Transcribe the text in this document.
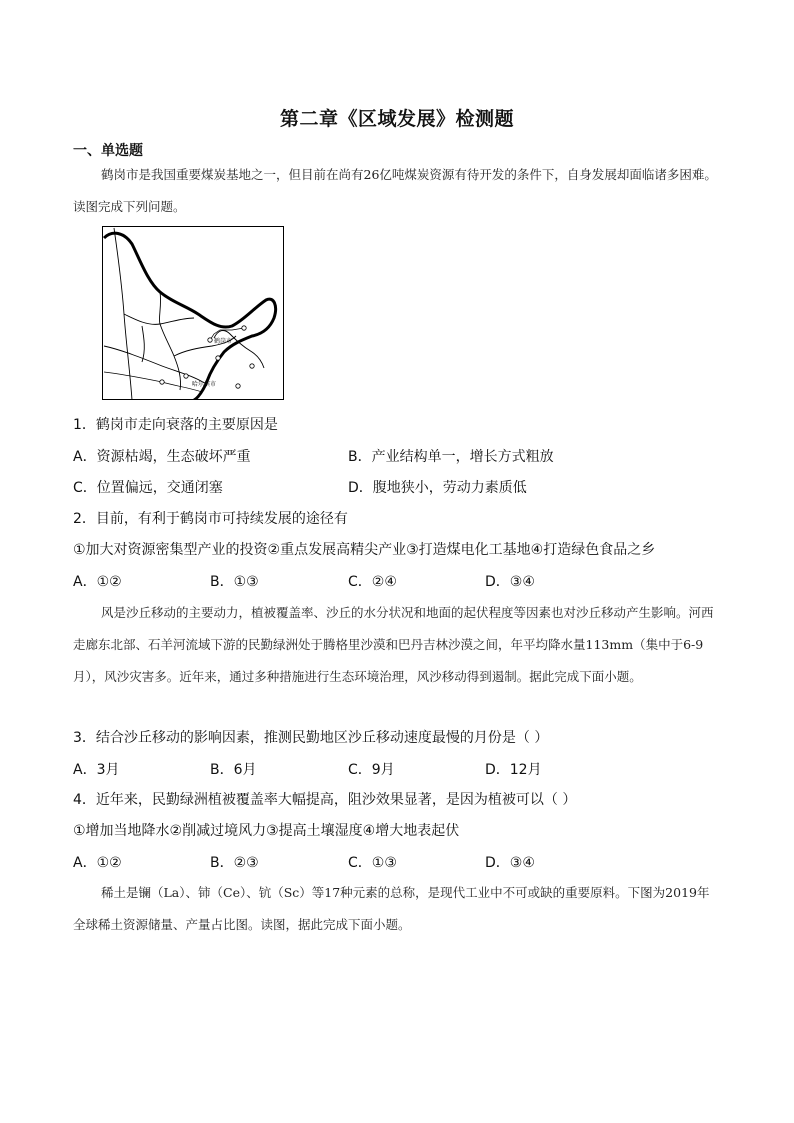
第二章《区域发展》检测题
一、单选题

鹤岗市是我国重要煤炭基地之一，但目前在尚有26亿吨煤炭资源有待开发的条件下，自身发展却面临诸多困难。读图完成下列问题。

鹤岗市
哈尔滨市
1．鹤岗市走向衰落的主要原因是
A．资源枯竭，生态破坏严重	B．产业结构单一，增长方式粗放
C．位置偏远，交通闭塞	D．腹地狭小，劳动力素质低
2．目前，有利于鹤岗市可持续发展的途径有
①加大对资源密集型产业的投资②重点发展高精尖产业③打造煤电化工基地④打造绿色食品之乡
A．①②	B．①③	C．②④	D．③④

风是沙丘移动的主要动力，植被覆盖率、沙丘的水分状况和地面的起伏程度等因素也对沙丘移动产生影响。河西走廊东北部、石羊河流域下游的民勤绿洲处于腾格里沙漠和巴丹吉林沙漠之间，年平均降水量113mm（集中于6-9月），风沙灾害多。近年来，通过多种措施进行生态环境治理，风沙移动得到遏制。据此完成下面小题。

3．结合沙丘移动的影响因素，推测民勤地区沙丘移动速度最慢的月份是（ ）
A．3月	B．6月	C．9月	D．12月
4．近年来，民勤绿洲植被覆盖率大幅提高，阻沙效果显著，是因为植被可以（ ）
①增加当地降水②削减过境风力③提高土壤湿度④增大地表起伏
A．①②	B．②③	C．①③	D．③④

稀土是镧（La）、铈（Ce）、钪（Sc）等17种元素的总称，是现代工业中不可或缺的重要原料。下图为2019年全球稀土资源储量、产量占比图。读图，据此完成下面小题。
